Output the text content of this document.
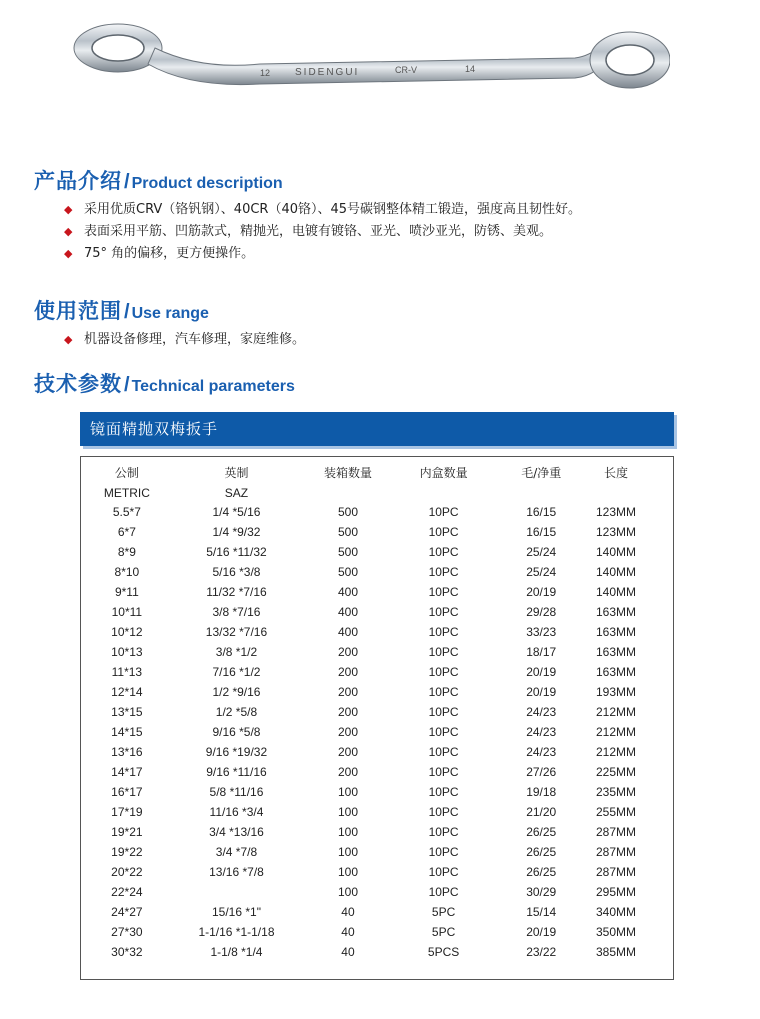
12 SIDENGUI	CR-V	14
产品介绍 / Product description
◆ 采用优质CRV（铬钒钢）、40CR（40铬）、45号碳钢整体精工锻造，强度高且韧性好。
◆ 表面采用平筋、凹筋款式，精抛光，电镀有镀铬、亚光、喷沙亚光，防锈、美观。
◆ 75° 角的偏移，更方便操作。
使用范围 / Use range
◆ 机器设备修理，汽车修理，家庭维修。
技术参数 / Technical parameters
镜面精抛双梅扳手
公制	英制	装箱数量	内盒数量	毛/净重	长度
METRIC	SAZ				
5.5*7	1/4 *5/16	500	10PC	16/15	123MM
6*7	1/4 *9/32	500	10PC	16/15	123MM
8*9	5/16 *11/32	500	10PC	25/24	140MM
8*10	5/16 *3/8	500	10PC	25/24	140MM
9*11	11/32 *7/16	400	10PC	20/19	140MM
10*11	3/8 *7/16	400	10PC	29/28	163MM
10*12	13/32 *7/16	400	10PC	33/23	163MM
10*13	3/8 *1/2	200	10PC	18/17	163MM
11*13	7/16 *1/2	200	10PC	20/19	163MM
12*14	1/2 *9/16	200	10PC	20/19	193MM
13*15	1/2 *5/8	200	10PC	24/23	212MM
14*15	9/16 *5/8	200	10PC	24/23	212MM
13*16	9/16 *19/32	200	10PC	24/23	212MM
14*17	9/16 *11/16	200	10PC	27/26	225MM
16*17	5/8 *11/16	100	10PC	19/18	235MM
17*19	11/16 *3/4	100	10PC	21/20	255MM
19*21	3/4 *13/16	100	10PC	26/25	287MM
19*22	3/4 *7/8	100	10PC	26/25	287MM
20*22	13/16 *7/8	100	10PC	26/25	287MM
22*24		100	10PC	30/29	295MM
24*27	15/16 *1"	40	5PC	15/14	340MM
27*30	1-1/16 *1-1/18	40	5PC	20/19	350MM
30*32	1-1/8 *1/4	40	5PCS	23/22	385MM
